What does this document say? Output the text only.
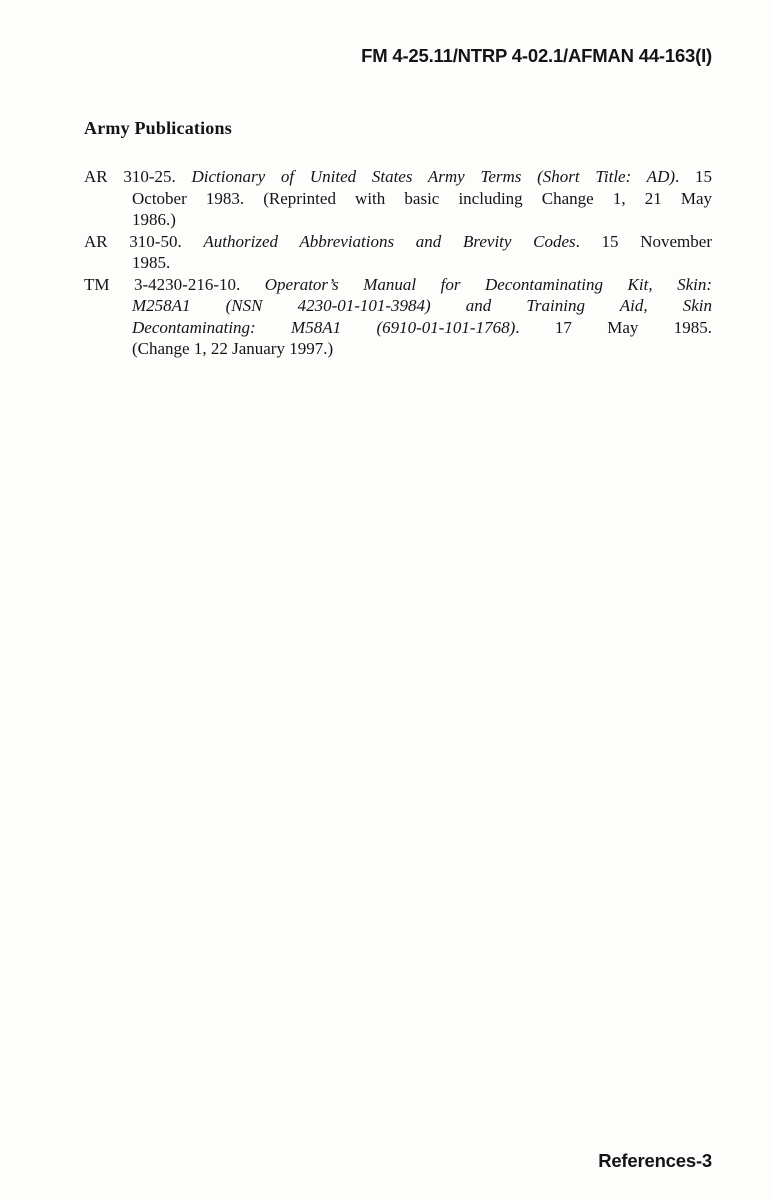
FM 4-25.11/NTRP 4-02.1/AFMAN 44-163(I)
Army Publications
AR 310-25. Dictionary of United States Army Terms (Short Title: AD). 15
October 1983. (Reprinted with basic including Change 1, 21 May
1986.)
AR 310-50. Authorized Abbreviations and Brevity Codes. 15 November
1985.
TM 3-4230-216-10. Operator’s Manual for Decontaminating Kit, Skin:
M258A1 (NSN 4230-01-101-3984) and Training Aid, Skin
Decontaminating: M58A1 (6910-01-101-1768). 17 May 1985.
(Change 1, 22 January 1997.)
References-3
